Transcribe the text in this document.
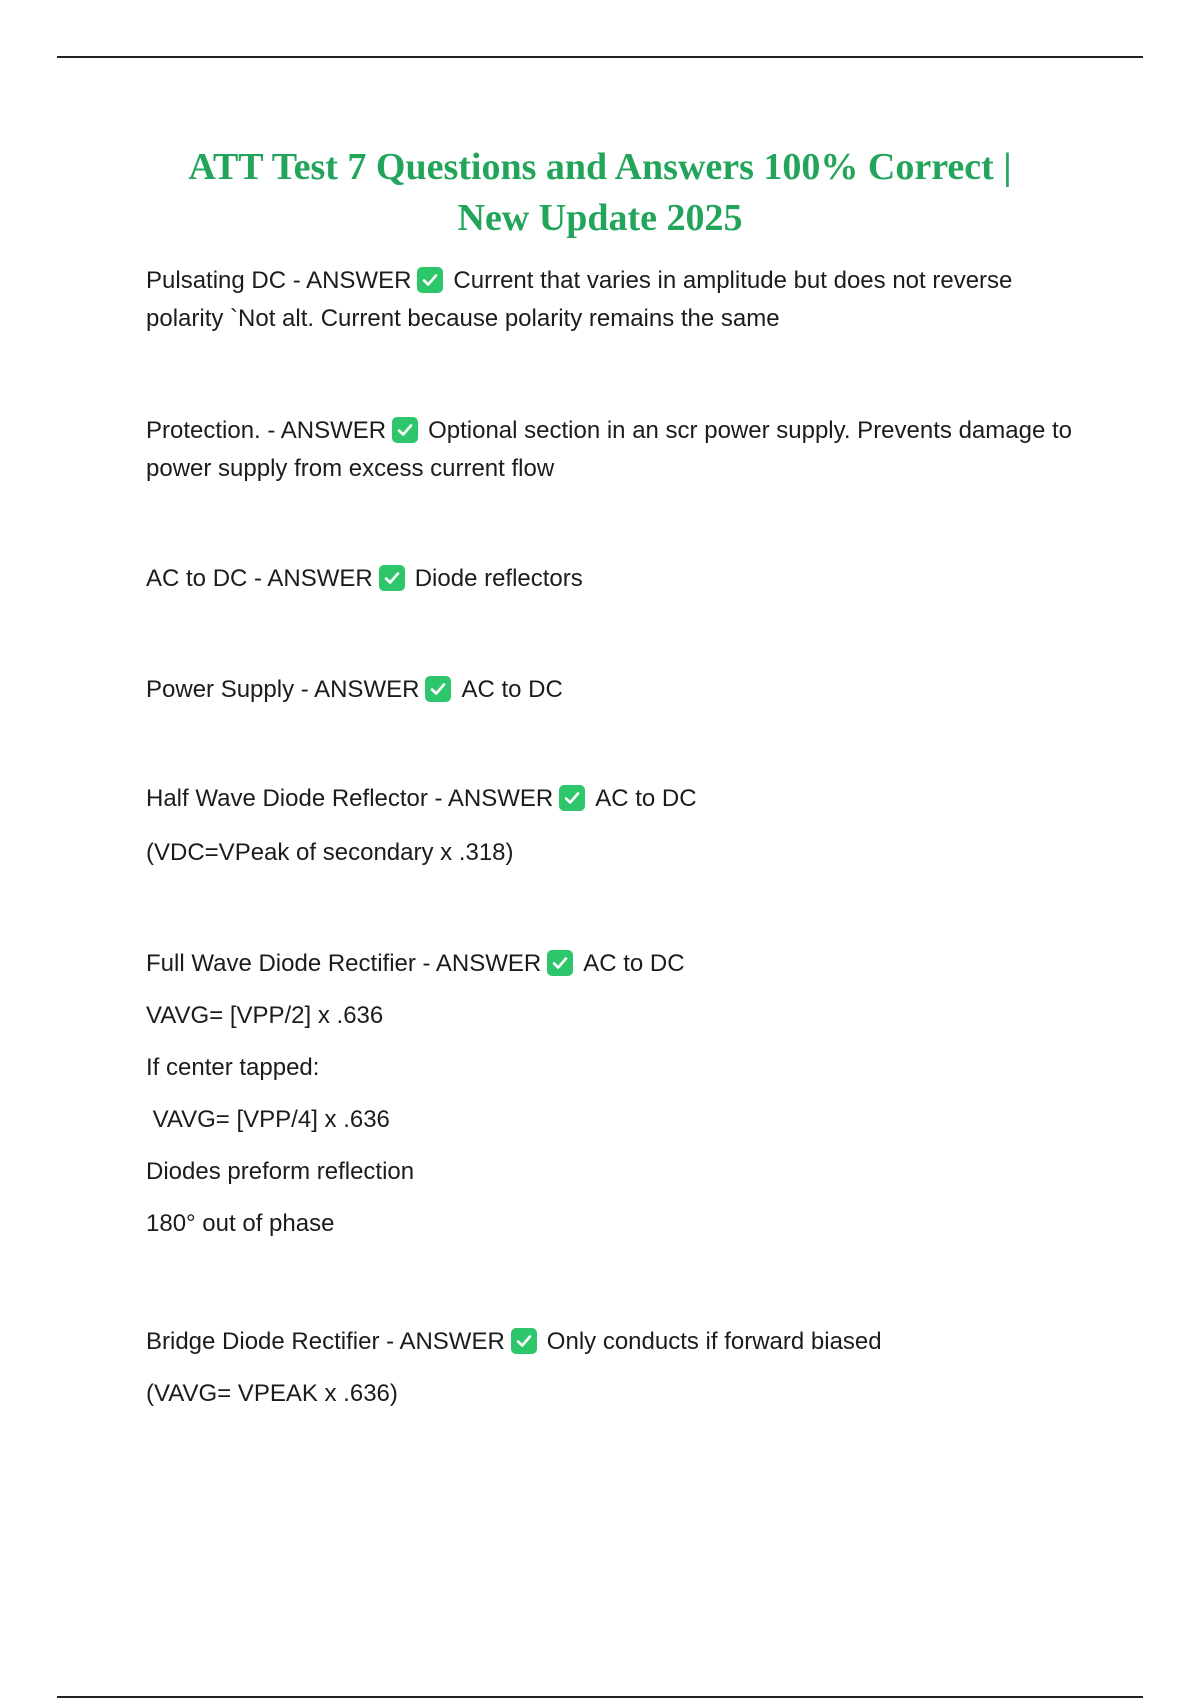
ATT Test 7 Questions and Answers 100% Correct |
New Update 2025
Pulsating DC - ANSWER Current that varies in amplitude but does not reverse polarity `Not alt. Current because polarity remains the same
Protection. - ANSWER Optional section in an scr power supply. Prevents damage to power supply from excess current flow
AC to DC - ANSWER Diode reflectors
Power Supply - ANSWER AC to DC
Half Wave Diode Reflector - ANSWER AC to DC
(VDC=VPeak of secondary x .318)
Full Wave Diode Rectifier - ANSWER AC to DC
VAVG= [VPP/2] x .636
If center tapped:
VAVG= [VPP/4] x .636
Diodes preform reflection
180° out of phase
Bridge Diode Rectifier - ANSWER Only conducts if forward biased
(VAVG= VPEAK x .636)
